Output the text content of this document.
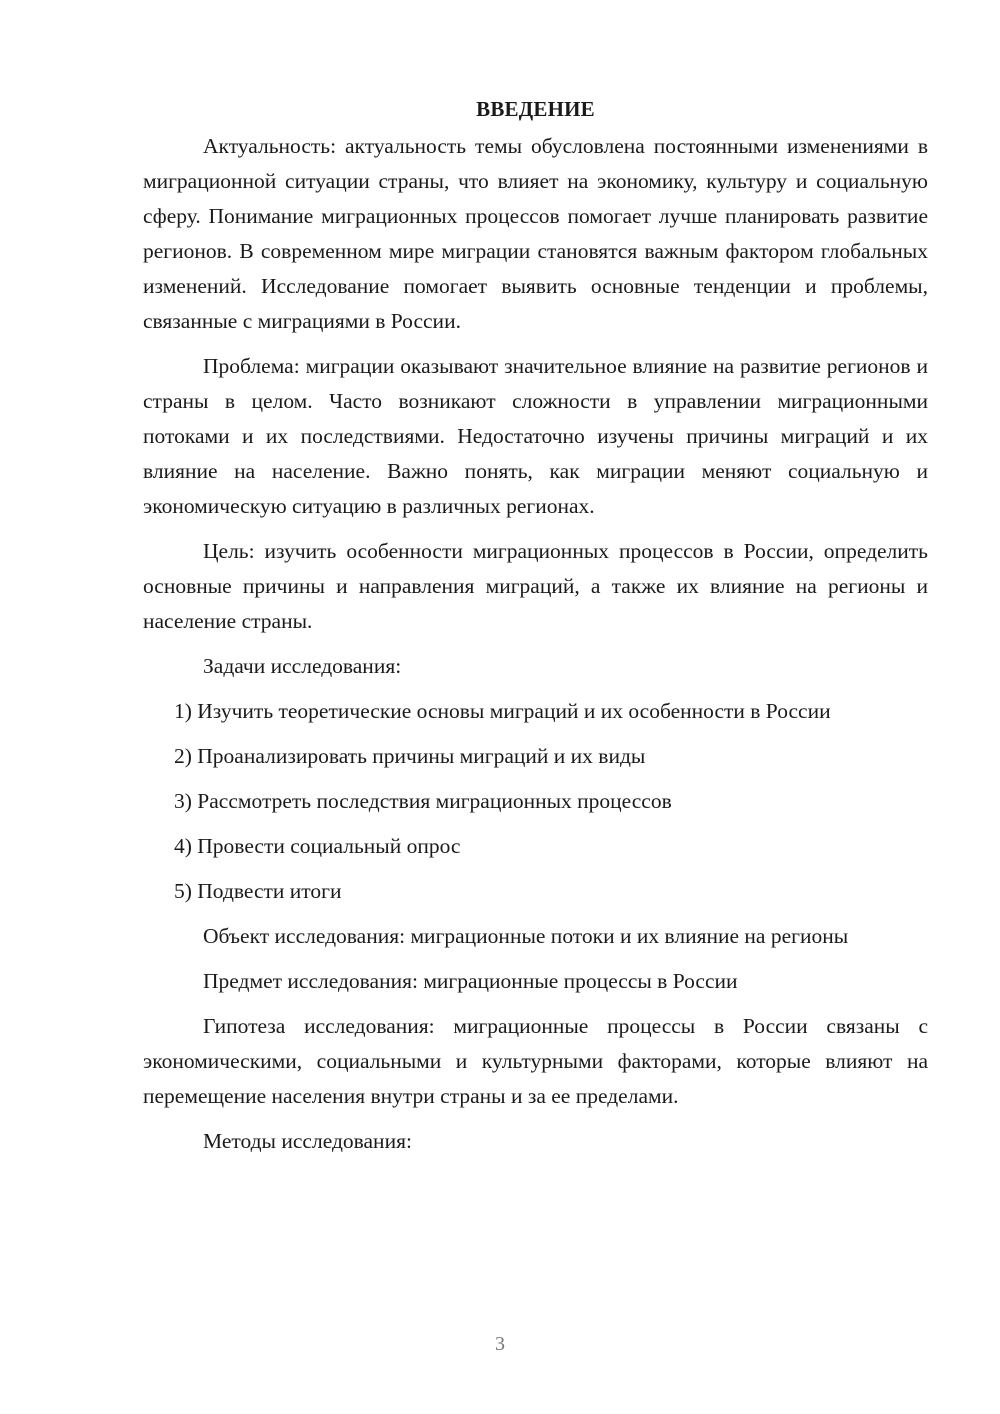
ВВЕДЕНИЕ

Актуальность: актуальность темы обусловлена постоянными изменениями в миграционной ситуации страны, что влияет на экономику, культуру и социальную сферу. Понимание миграционных процессов помогает лучше планировать развитие регионов. В современном мире миграции становятся важным фактором глобальных изменений. Исследование помогает выявить основные тенденции и проблемы, связанные с миграциями в России.

Проблема: миграции оказывают значительное влияние на развитие регионов и страны в целом. Часто возникают сложности в управлении миграционными потоками и их последствиями. Недостаточно изучены причины миграций и их влияние на население. Важно понять, как миграции меняют социальную и экономическую ситуацию в различных регионах.

Цель: изучить особенности миграционных процессов в России, определить основные причины и направления миграций, а также их влияние на регионы и население страны.

Задачи исследования:

1) Изучить теоретические основы миграций и их особенности в России
2) Проанализировать причины миграций и их виды
3) Рассмотреть последствия миграционных процессов
4) Провести социальный опрос
5) Подвести итоги

Объект исследования: миграционные потоки и их влияние на регионы

Предмет исследования: миграционные процессы в России

Гипотеза исследования: миграционные процессы в России связаны с экономическими, социальными и культурными факторами, которые влияют на перемещение населения внутри страны и за ее пределами.

Методы исследования:

3
